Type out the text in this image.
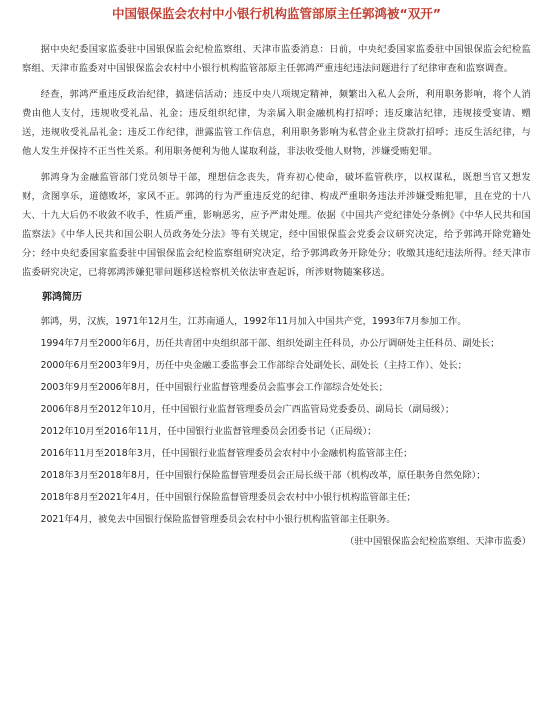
中国银保监会农村中小银行机构监管部原主任郭鸿被“双开”

据中央纪委国家监委驻中国银保监会纪检监察组、天津市监委消息：日前，中央纪委国家监委驻中国银保监会纪检监察组、天津市监委对中国银保监会农村中小银行机构监管部原主任郭鸿严重违纪违法问题进行了纪律审查和监察调查。

经查，郭鸿严重违反政治纪律，搞迷信活动；违反中央八项规定精神，频繁出入私人会所，利用职务影响，将个人消费由他人支付，违规收受礼品、礼金；违反组织纪律，为亲属入职金融机构打招呼；违反廉洁纪律，违规接受宴请、赠送，违规收受礼品礼金；违反工作纪律，泄露监管工作信息，利用职务影响为私营企业主贷款打招呼；违反生活纪律，与他人发生并保持不正当性关系。利用职务便利为他人谋取利益，非法收受他人财物，涉嫌受贿犯罪。

郭鸿身为金融监管部门党员领导干部，理想信念丧失，背弃初心使命，破坏监管秩序，以权谋私，既想当官又想发财，贪图享乐，道德败坏，家风不正。郭鸿的行为严重违反党的纪律、构成严重职务违法并涉嫌受贿犯罪，且在党的十八大、十九大后仍不收敛不收手，性质严重，影响恶劣，应予严肃处理。依据《中国共产党纪律处分条例》《中华人民共和国监察法》《中华人民共和国公职人员政务处分法》等有关规定，经中国银保监会党委会议研究决定，给予郭鸿开除党籍处分；经中央纪委国家监委驻中国银保监会纪检监察组研究决定，给予郭鸿政务开除处分；收缴其违纪违法所得。经天津市监委研究决定，已将郭鸿涉嫌犯罪问题移送检察机关依法审查起诉，所涉财物随案移送。

郭鸿简历

郭鸿，男，汉族，1971年12月生，江苏南通人，1992年11月加入中国共产党，1993年7月参加工作。

1994年7月至2000年6月，历任共青团中央组织部干部、组织处副主任科员，办公厅调研处主任科员、副处长；

2000年6月至2003年9月，历任中央金融工委监事会工作部综合处副处长、副处长（主持工作）、处长；

2003年9月至2006年8月，任中国银行业监督管理委员会监事会工作部综合处处长；

2006年8月至2012年10月，任中国银行业监督管理委员会广西监管局党委委员、副局长（副局级）；

2012年10月至2016年11月，任中国银行业监督管理委员会团委书记（正局级）；

2016年11月至2018年3月，任中国银行业监督管理委员会农村中小金融机构监管部主任；

2018年3月至2018年8月，任中国银行保险监督管理委员会正局长级干部（机构改革，原任职务自然免除）；

2018年8月至2021年4月，任中国银行保险监督管理委员会农村中小银行机构监管部主任；

2021年4月，被免去中国银行保险监督管理委员会农村中小银行机构监管部主任职务。

（驻中国银保监会纪检监察组、天津市监委）
